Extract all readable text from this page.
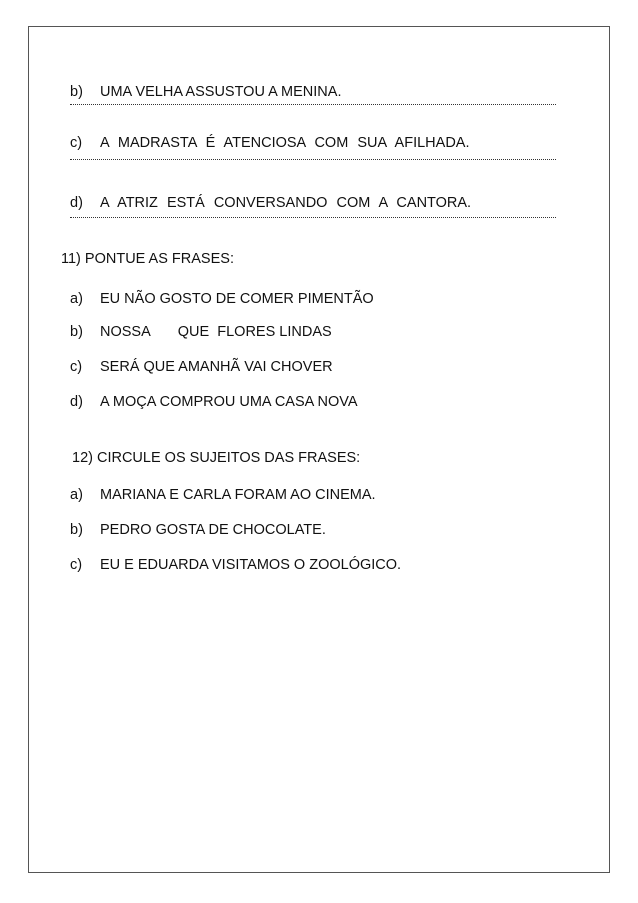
b) UMA VELHA ASSUSTOU A MENINA.
c) A MADRASTA É ATENCIOSA COM SUA AFILHADA.
d) A ATRIZ ESTÁ CONVERSANDO COM A CANTORA.
11) PONTUE AS FRASES:
a) EU NÃO GOSTO DE COMER PIMENTÃO
b) NOSSA QUE  FLORES LINDAS
c) SERÁ QUE AMANHÃ VAI CHOVER
d) A MOÇA COMPROU UMA CASA NOVA
12) CIRCULE OS SUJEITOS DAS FRASES:
a) MARIANA E CARLA FORAM AO CINEMA.
b) PEDRO GOSTA DE CHOCOLATE.
c) EU E EDUARDA VISITAMOS O ZOOLÓGICO.
